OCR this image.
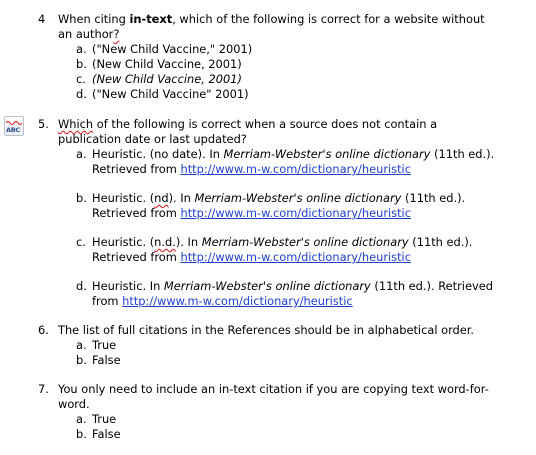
ABC
4	When citing in-text, which of the following is correct for a website without an author?
a. ("New Child Vaccine," 2001)
b. (New Child Vaccine, 2001)
c. (New Child Vaccine, 2001)
d. ("New Child Vaccine" 2001)
5. Which of the following is correct when a source does not contain a publication date or last updated?
a. Heuristic. (no date). In Merriam-Webster's online dictionary (11th ed.). Retrieved from http://www.m-w.com/dictionary/heuristic
b. Heuristic. (nd). In Merriam-Webster's online dictionary (11th ed.). Retrieved from http://www.m-w.com/dictionary/heuristic
c. Heuristic. (n.d.). In Merriam-Webster's online dictionary (11th ed.). Retrieved from http://www.m-w.com/dictionary/heuristic
d. Heuristic. In Merriam-Webster's online dictionary (11th ed.). Retrieved from http://www.m-w.com/dictionary/heuristic
6. The list of full citations in the References should be in alphabetical order.
a. True
b. False
7. You only need to include an in-text citation if you are copying text word-for-word.
a. True
b. False
